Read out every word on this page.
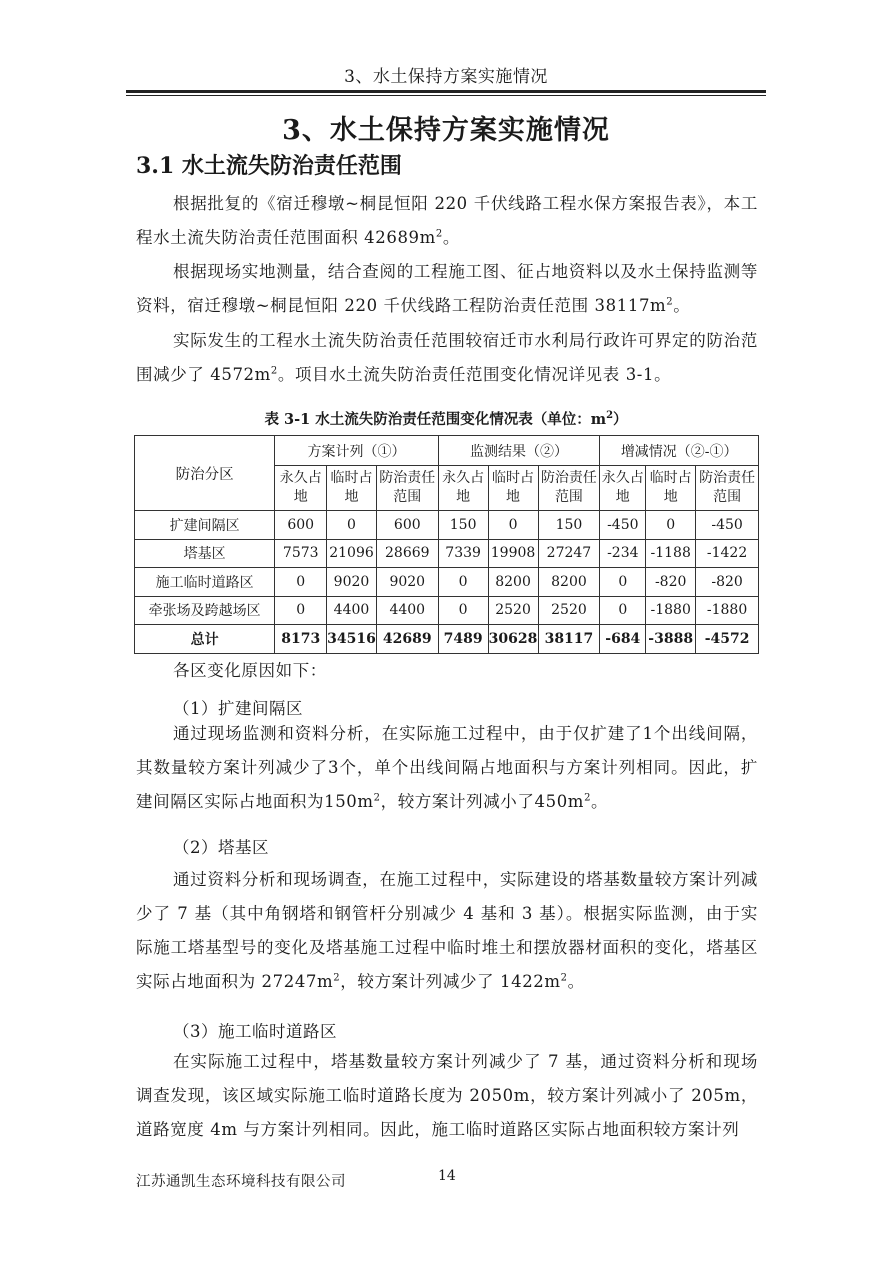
3、水土保持方案实施情况
3、水土保持方案实施情况
3.1 水土流失防治责任范围

根据批复的《宿迁穆墩~桐昆恒阳 220 千伏线路工程水保方案报告表》，本工程水土流失防治责任范围面积 $42689m^2$。

根据现场实地测量，结合查阅的工程施工图、征占地资料以及水土保持监测等资料，宿迁穆墩~桐昆恒阳 220 千伏线路工程防治责任范围 $38117m^2$。

实际发生的工程水土流失防治责任范围较宿迁市水利局行政许可界定的防治范围减少了 $4572m^2$。项目水土流失防治责任范围变化情况详见表 3-1。

表 3-1 水土流失防治责任范围变化情况表（单位：$m^2$）
防治分区	方案计列（①）			监测结果（②）			增减情况（②-①）		
	永久占地	临时占地	防治责任范围	永久占地	临时占地	防治责任范围	永久占地	临时占地	防治责任范围
扩建间隔区	600	0	600	150	0	150	-450	0	-450
塔基区	7573	21096	28669	7339	19908	27247	-234	-1188	-1422
施工临时道路区	0	9020	9020	0	8200	8200	0	-820	-820
牵张场及跨越场区	0	4400	4400	0	2520	2520	0	-1880	-1880
总计	8173	34516	42689	7489	30628	38117	-684	-3888	-4572

各区变化原因如下：

（1）扩建间隔区

通过现场监测和资料分析，在实际施工过程中，由于仅扩建了1个出线间隔，其数量较方案计列减少了3个，单个出线间隔占地面积与方案计列相同。因此，扩建间隔区实际占地面积为$150m^2$，较方案计列减小了$450m^2$。

（2）塔基区

通过资料分析和现场调查，在施工过程中，实际建设的塔基数量较方案计列减少了 7 基（其中角钢塔和钢管杆分别减少 4 基和 3 基）。根据实际监测，由于实际施工塔基型号的变化及塔基施工过程中临时堆土和摆放器材面积的变化，塔基区实际占地面积为 $27247m^2$，较方案计列减少了 $1422m^2$。

（3）施工临时道路区

在实际施工过程中，塔基数量较方案计列减少了 7 基，通过资料分析和现场调查发现，该区域实际施工临时道路长度为 2050m，较方案计列减小了 205m，道路宽度 4m 与方案计列相同。因此，施工临时道路区实际占地面积较方案计列

江苏通凯生态环境科技有限公司	14
